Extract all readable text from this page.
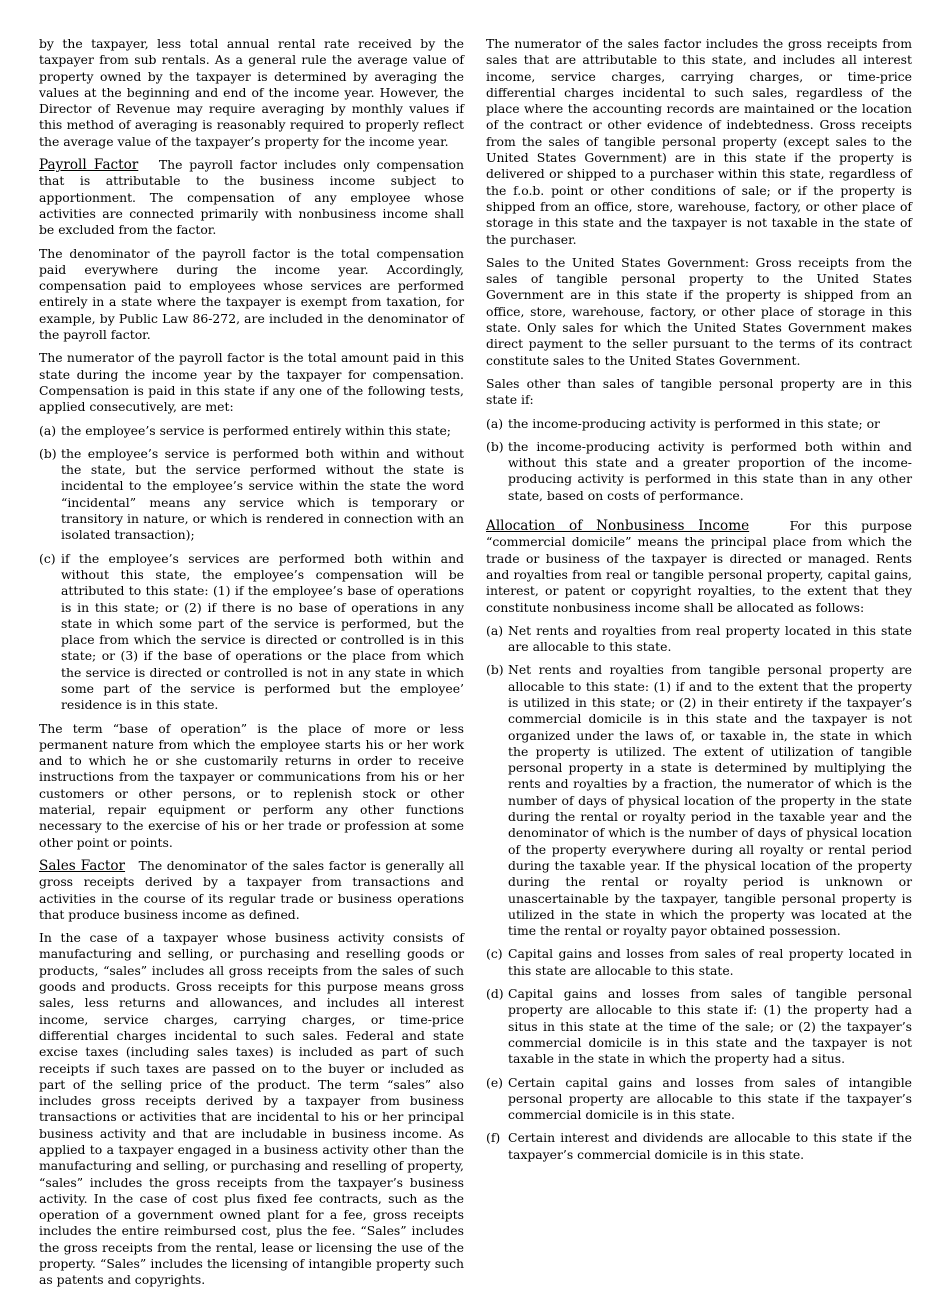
by the taxpayer, less total annual rental rate received by the taxpayer from sub rentals. As a general rule the average value of property owned by the taxpayer is determined by averaging the values at the beginning and end of the income year. However, the Director of Revenue may require averaging by monthly values if this method of averaging is reasonably required to properly reflect the average value of the taxpayer’s property for the income year.

Payroll Factor The payroll factor includes only compensation that is attributable to the business income subject to apportionment. The compensation of any employee whose activities are connected primarily with nonbusiness income shall be excluded from the factor.

The denominator of the payroll factor is the total compensation paid everywhere during the income year. Accordingly, compensation paid to employees whose services are performed entirely in a state where the taxpayer is exempt from taxation, for example, by Public Law 86-272, are included in the denominator of the payroll factor.

The numerator of the payroll factor is the total amount paid in this state during the income year by the taxpayer for compensation. Compensation is paid in this state if any one of the following tests, applied consecutively, are met:

(a) the employee’s service is performed entirely within this state;
(b) the employee’s service is performed both within and without the state, but the service performed without the state is incidental to the employee’s service within the state the word “incidental” means any service which is temporary or transitory in nature, or which is rendered in connection with an isolated transaction);
(c) if the employee’s services are performed both within and without this state, the employee’s compensation will be attributed to this state: (1) if the employee’s base of operations is in this state; or (2) if there is no base of operations in any state in which some part of the service is performed, but the place from which the service is directed or controlled is in this state; or (3) if the base of operations or the place from which the service is directed or controlled is not in any state in which some part of the service is performed but the employee’ residence is in this state.

The term “base of operation” is the place of more or less permanent nature from which the employee starts his or her work and to which he or she customarily returns in order to receive instructions from the taxpayer or communications from his or her customers or other persons, or to replenish stock or other material, repair equipment or perform any other functions necessary to the exercise of his or her trade or profession at some other point or points.

Sales Factor The denominator of the sales factor is generally all gross receipts derived by a taxpayer from transactions and activities in the course of its regular trade or business operations that produce business income as defined.

In the case of a taxpayer whose business activity consists of manufacturing and selling, or purchasing and reselling goods or products, “sales” includes all gross receipts from the sales of such goods and products. Gross receipts for this purpose means gross sales, less returns and allowances, and includes all interest income, service charges, carrying charges, or time-price differential charges incidental to such sales. Federal and state excise taxes (including sales taxes) is included as part of such receipts if such taxes are passed on to the buyer or included as part of the selling price of the product. The term “sales” also includes gross receipts derived by a taxpayer from business transactions or activities that are incidental to his or her principal business activity and that are includable in business income. As applied to a taxpayer engaged in a business activity other than the manufacturing and selling, or purchasing and reselling of property, “sales” includes the gross receipts from the taxpayer’s business activity. In the case of cost plus fixed fee contracts, such as the operation of a government owned plant for a fee, gross receipts includes the entire reimbursed cost, plus the fee. “Sales” includes the gross receipts from the rental, lease or licensing the use of the property. “Sales” includes the licensing of intangible property such as patents and copyrights.

The numerator of the sales factor includes the gross receipts from sales that are attributable to this state, and includes all interest income, service charges, carrying charges, or time-price differential charges incidental to such sales, regardless of the place where the accounting records are maintained or the location of the contract or other evidence of indebtedness. Gross receipts from the sales of tangible personal property (except sales to the United States Government) are in this state if the property is delivered or shipped to a purchaser within this state, regardless of the f.o.b. point or other conditions of sale; or if the property is shipped from an office, store, warehouse, factory, or other place of storage in this state and the taxpayer is not taxable in the state of the purchaser.

Sales to the United States Government: Gross receipts from the sales of tangible personal property to the United States Government are in this state if the property is shipped from an office, store, warehouse, factory, or other place of storage in this state. Only sales for which the United States Government makes direct payment to the seller pursuant to the terms of its contract constitute sales to the United States Government.

Sales other than sales of tangible personal property are in this state if:

(a) the income-producing activity is performed in this state; or
(b) the income-producing activity is performed both within and without this state and a greater proportion of the income-producing activity is performed in this state than in any other state, based on costs of performance.

Allocation of Nonbusiness Income	For this purpose “commercial domicile” means the principal place from which the trade or business of the taxpayer is directed or managed. Rents and royalties from real or tangible personal property, capital gains, interest, or patent or copyright royalties, to the extent that they constitute nonbusiness income shall be allocated as follows:

(a) Net rents and royalties from real property located in this state are allocable to this state.
(b) Net rents and royalties from tangible personal property are allocable to this state: (1) if and to the extent that the property is utilized in this state; or (2) in their entirety if the taxpayer’s commercial domicile is in this state and the taxpayer is not organized under the laws of, or taxable in, the state in which the property is utilized. The extent of utilization of tangible personal property in a state is determined by multiplying the rents and royalties by a fraction, the numerator of which is the number of days of physical location of the property in the state during the rental or royalty period in the taxable year and the denominator of which is the number of days of physical location of the property everywhere during all royalty or rental period during the taxable year. If the physical location of the property during the rental or royalty period is unknown or unascertainable by the taxpayer, tangible personal property is utilized in the state in which the property was located at the time the rental or royalty payor obtained possession.
(c) Capital gains and losses from sales of real property located in this state are allocable to this state.
(d) Capital gains and losses from sales of tangible personal property are allocable to this state if: (1) the property had a situs in this state at the time of the sale; or (2) the taxpayer’s commercial domicile is in this state and the taxpayer is not taxable in the state in which the property had a situs.
(e) Certain capital gains and losses from sales of intangible personal property are allocable to this state if the taxpayer’s commercial domicile is in this state.
(f) Certain interest and dividends are allocable to this state if the taxpayer’s commercial domicile is in this state.
